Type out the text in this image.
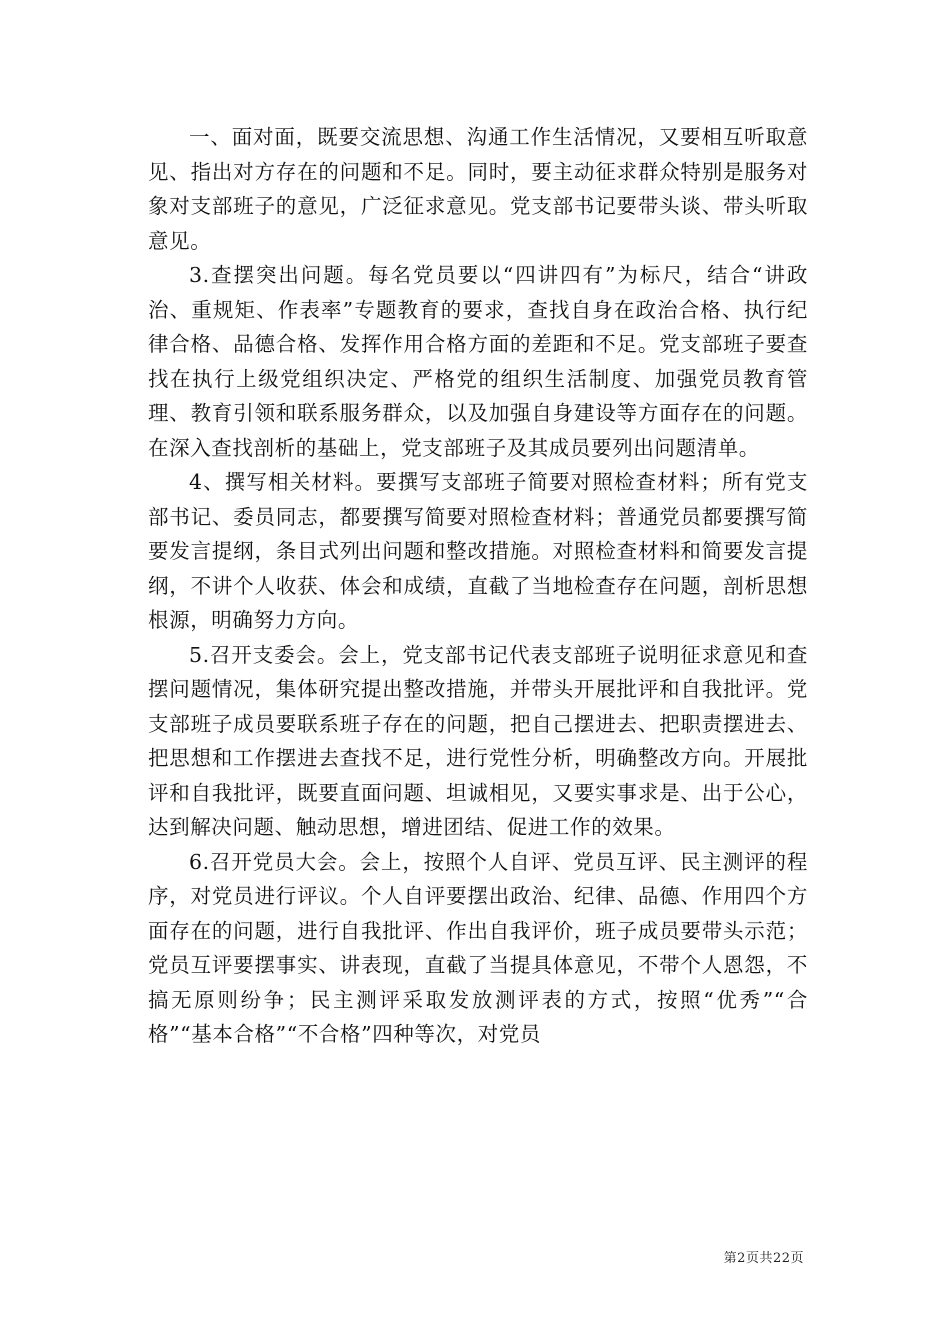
一、面对面，既要交流思想、沟通工作生活情况，又要相互听取意见、指出对方存在的问题和不足。同时，要主动征求群众特别是服务对象对支部班子的意见，广泛征求意见。党支部书记要带头谈、带头听取意见。

3.查摆突出问题。每名党员要以“四讲四有”为标尺，结合“讲政治、重规矩、作表率”专题教育的要求，查找自身在政治合格、执行纪律合格、品德合格、发挥作用合格方面的差距和不足。党支部班子要查找在执行上级党组织决定、严格党的组织生活制度、加强党员教育管理、教育引领和联系服务群众，以及加强自身建设等方面存在的问题。在深入查找剖析的基础上，党支部班子及其成员要列出问题清单。

4、撰写相关材料。要撰写支部班子简要对照检查材料；所有党支部书记、委员同志，都要撰写简要对照检查材料；普通党员都要撰写简要发言提纲，条目式列出问题和整改措施。对照检查材料和简要发言提纲，不讲个人收获、体会和成绩，直截了当地检查存在问题，剖析思想根源，明确努力方向。

5.召开支委会。会上，党支部书记代表支部班子说明征求意见和查摆问题情况，集体研究提出整改措施，并带头开展批评和自我批评。党支部班子成员要联系班子存在的问题，把自己摆进去、把职责摆进去、把思想和工作摆进去查找不足，进行党性分析，明确整改方向。开展批评和自我批评，既要直面问题、坦诚相见，又要实事求是、出于公心，达到解决问题、触动思想，增进团结、促进工作的效果。

6.召开党员大会。会上，按照个人自评、党员互评、民主测评的程序，对党员进行评议。个人自评要摆出政治、纪律、品德、作用四个方面存在的问题，进行自我批评、作出自我评价，班子成员要带头示范；党员互评要摆事实、讲表现，直截了当提具体意见，不带个人恩怨，不搞无原则纷争；民主测评采取发放测评表的方式，按照“优秀”“合格”“基本合格”“不合格”四种等次，对党员

第2页共22页
